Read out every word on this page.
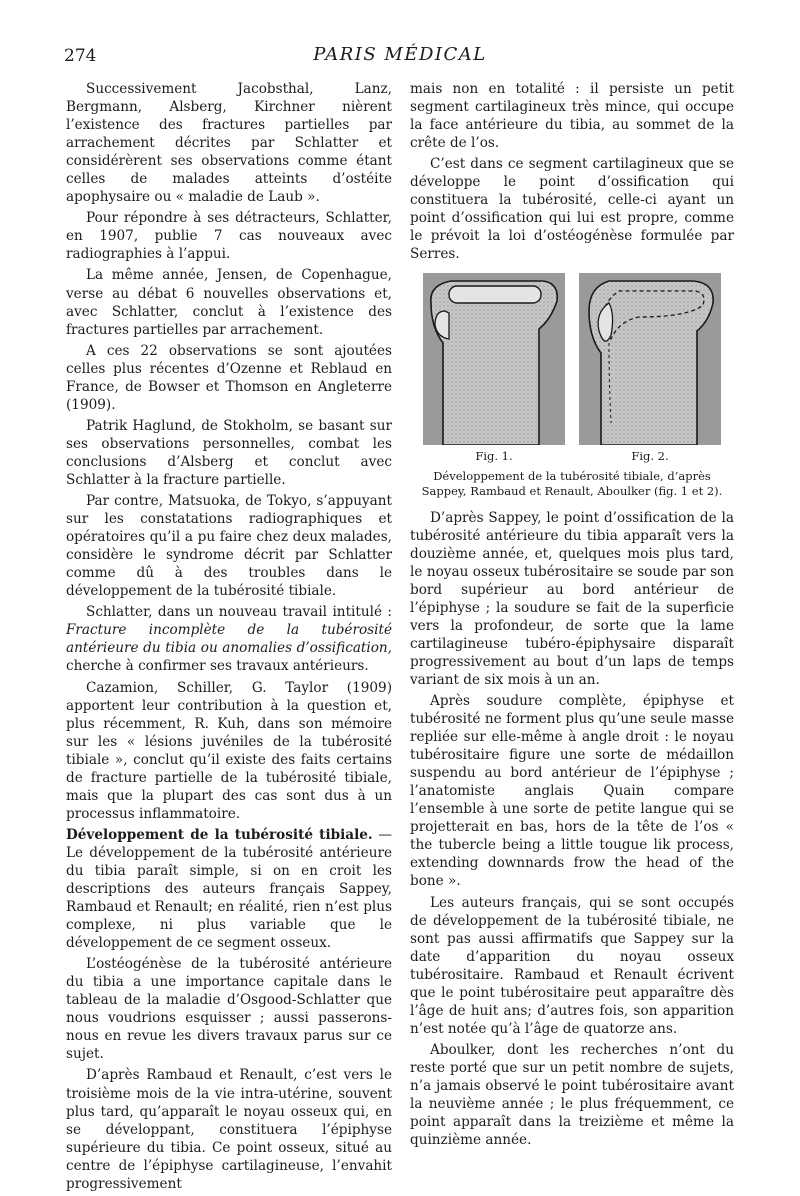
274	PARIS MÉDICAL

Successivement Jacobsthal, Lanz, Bergmann, Alsberg, Kirchner nièrent l’existence des fractures partielles par arrachement décrites par Schlatter et considérèrent ses observations comme étant celles de malades atteints d’ostéite apophysaire ou « maladie de Laub ».

Pour répondre à ses détracteurs, Schlatter, en 1907, publie 7 cas nouveaux avec radiographies à l’appui.

La même année, Jensen, de Copenhague, verse au débat 6 nouvelles observations et, avec Schlatter, conclut à l’existence des fractures partielles par arrachement.

A ces 22 observations se sont ajoutées celles plus récentes d’Ozenne et Reblaud en France, de Bowser et Thomson en Angleterre (1909).

Patrik Haglund, de Stokholm, se basant sur ses observations personnelles, combat les conclusions d’Alsberg et conclut avec Schlatter à la fracture partielle.

Par contre, Matsuoka, de Tokyo, s’appuyant sur les constatations radiographiques et opératoires qu’il a pu faire chez deux malades, considère le syndrome décrit par Schlatter comme dû à des troubles dans le développement de la tubérosité tibiale.

Schlatter, dans un nouveau travail intitulé : Fracture incomplète de la tubérosité antérieure du tibia ou anomalies d’ossification, cherche à confirmer ses travaux antérieurs.

Cazamion, Schiller, G. Taylor (1909) apportent leur contribution à la question et, plus récemment, R. Kuh, dans son mémoire sur les « lésions juvéniles de la tubérosité tibiale », conclut qu’il existe des faits certains de fracture partielle de la tubérosité tibiale, mais que la plupart des cas sont dus à un processus inflammatoire.

Développement de la tubérosité tibiale. — Le développement de la tubérosité antérieure du tibia paraît simple, si on en croit les descriptions des auteurs français Sappey, Rambaud et Renault; en réalité, rien n’est plus complexe, ni plus variable que le développement de ce segment osseux.

L’ostéogénèse de la tubérosité antérieure du tibia a une importance capitale dans le tableau de la maladie d’Osgood-Schlatter que nous voudrions esquisser ; aussi passerons-nous en revue les divers travaux parus sur ce sujet.

D’après Rambaud et Renault, c’est vers le troisième mois de la vie intra-utérine, souvent plus tard, qu’apparaît le noyau osseux qui, en se développant, constituera l’épiphyse supérieure du tibia. Ce point osseux, situé au centre de l’épiphyse cartilagineuse, l’envahit progressivement

mais non en totalité : il persiste un petit segment cartilagineux très mince, qui occupe la face antérieure du tibia, au sommet de la crête de l’os.

C’est dans ce segment cartilagineux que se développe le point d’ossification qui constituera la tubérosité, celle-ci ayant un point d’ossification qui lui est propre, comme le prévoit la loi d’ostéogénèse formulée par Serres.

Fig. 1.	Fig. 2.
Développement de la tubérosité tibiale, d’après Sappey, Rambaud et Renault, Aboulker (fig. 1 et 2).

D’après Sappey, le point d’ossification de la tubérosité antérieure du tibia apparaît vers la douzième année, et, quelques mois plus tard, le noyau osseux tubérositaire se soude par son bord supérieur au bord antérieur de l’épiphyse ; la soudure se fait de la superficie vers la profondeur, de sorte que la lame cartilagineuse tubéro-épiphysaire disparaît progressivement au bout d’un laps de temps variant de six mois à un an.

Après soudure complète, épiphyse et tubérosité ne forment plus qu’une seule masse repliée sur elle-même à angle droit : le noyau tubérositaire figure une sorte de médaillon suspendu au bord antérieur de l’épiphyse ; l’anatomiste anglais Quain compare l’ensemble à une sorte de petite langue qui se projetterait en bas, hors de la tête de l’os « the tubercle being a little tougue lik process, extending downnards frow the head of the bone ».

Les auteurs français, qui se sont occupés de développement de la tubérosité tibiale, ne sont pas aussi affirmatifs que Sappey sur la date d’apparition du noyau osseux tubérositaire. Rambaud et Renault écrivent que le point tubérositaire peut apparaître dès l’âge de huit ans; d’autres fois, son apparition n’est notée qu’à l’âge de quatorze ans.

Aboulker, dont les recherches n’ont du reste porté que sur un petit nombre de sujets, n’a jamais observé le point tubérositaire avant la neuvième année ; le plus fréquemment, ce point apparaît dans la treizième et même la quinzième année.
